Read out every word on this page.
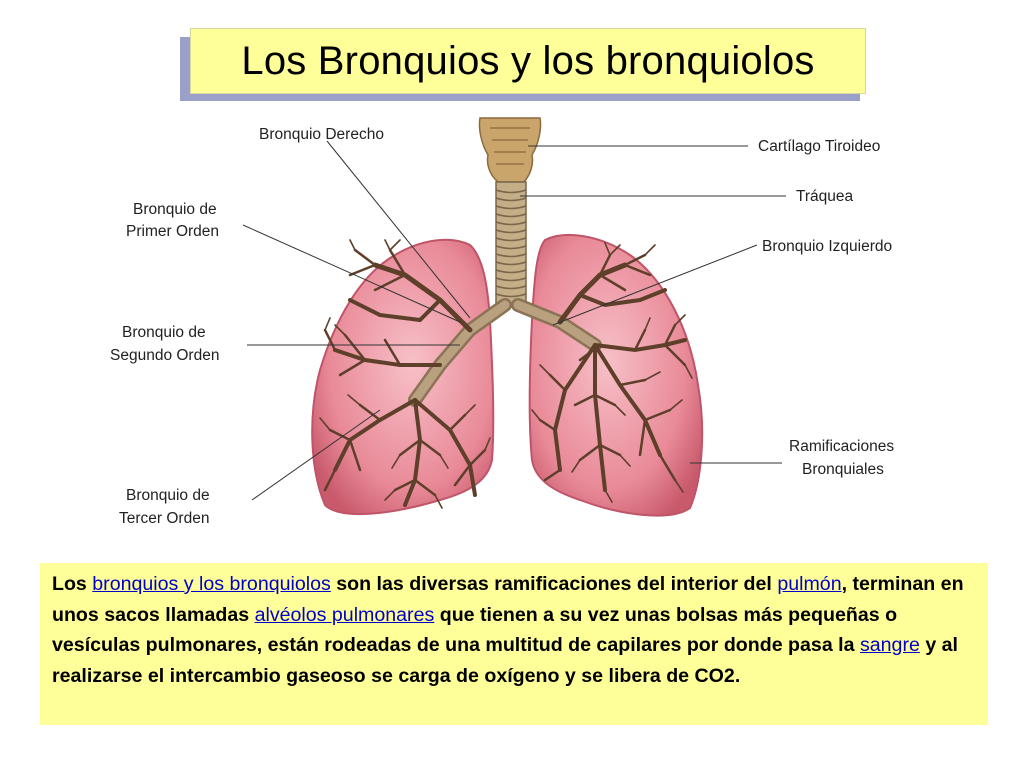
Los Bronquios y los bronquiolos
Bronquio Derecho
Bronquio de
Primer Orden
Bronquio de
Segundo Orden
Bronquio de
Tercer Orden
Cartílago Tiroideo
Tráquea
Bronquio Izquierdo
Ramificaciones
Bronquiales
Los bronquios y los bronquiolos son las diversas ramificaciones del interior del pulmón, terminan en unos sacos llamadas alvéolos pulmonares que tienen a su vez unas bolsas más pequeñas o vesículas pulmonares, están rodeadas de una multitud de capilares por donde pasa la sangre y al realizarse el intercambio gaseoso se carga de oxígeno y se libera de CO2.
